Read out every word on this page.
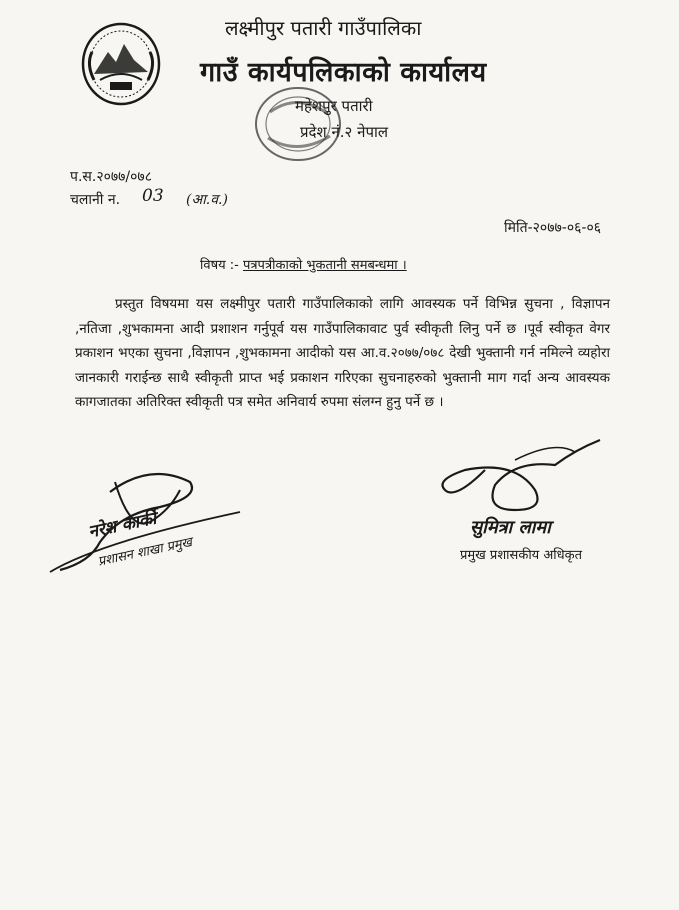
लक्ष्मीपुर पतारी गाउँपालिका
गाउँ कार्यपलिकाको कार्यालय
महेशपुर पतारी
प्रदेश नं.२ नेपाल
प.स.२०७७/०७८
चलानी न. 03 (आ.व.)
मिति-२०७७-०६-०६
विषय :- पत्रपत्रीकाको भुकतानी समबन्धमा ।
प्रस्तुत विषयमा यस लक्ष्मीपुर पतारी गाउँपालिकाको लागि आवस्यक पर्ने विभिन्न सुचना , विज्ञापन ,नतिजा ,शुभकामना आदी प्रशाशन गर्नुपूर्व यस गाउँपालिकावाट पुर्व स्वीकृती लिनु पर्ने छ ।पूर्व स्वीकृत वेगर प्रकाशन भएका सुचना ,विज्ञापन ,शुभकामना आदीको यस आ.व.२०७७/०७८ देखी भुक्तानी गर्न नमिल्ने व्यहोरा जानकारी गराईन्छ साथै स्वीकृती प्राप्त भई प्रकाशन गरिएका सुचनाहरुको भुक्तानी माग गर्दा अन्य आवस्यक कागजातका अतिरिक्त स्वीकृती पत्र समेत अनिवार्य रुपमा संलग्न हुनु पर्ने छ ।
नरेश कार्की
प्रशासन शाखा प्रमुख
सुमित्रा लामा
प्रमुख प्रशासकीय अधिकृत
